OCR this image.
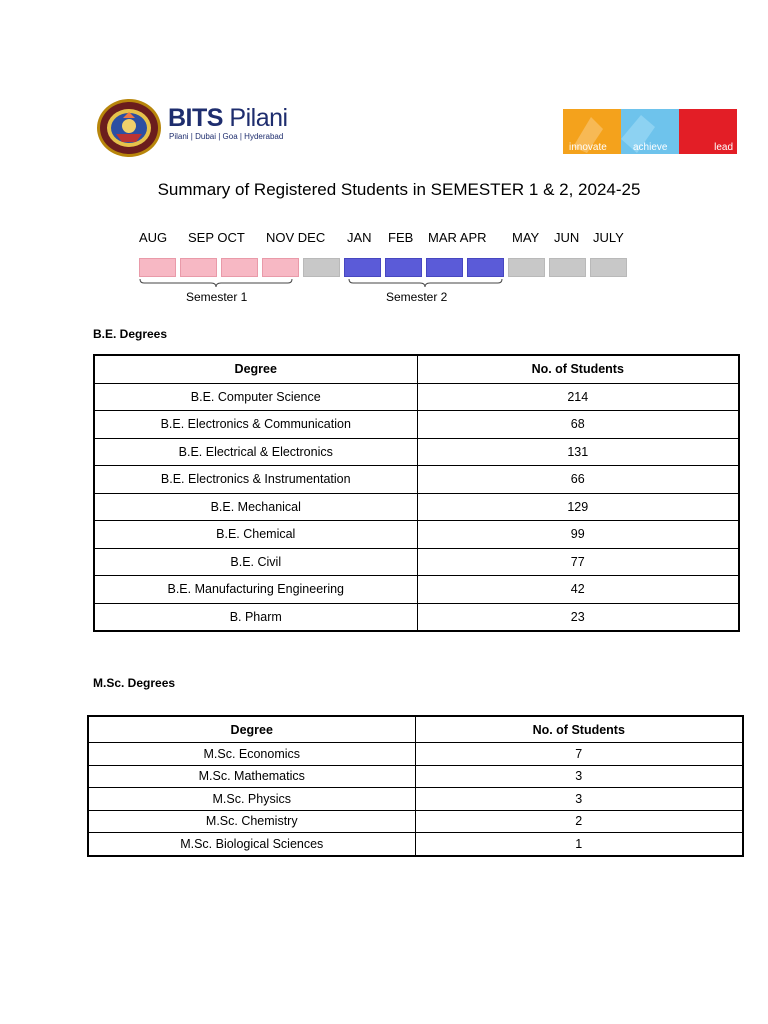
BITS Pilani
Pilani | Dubai | Goa | Hyderabad
innovate	achieve	lead
Summary of Registered Students in SEMESTER 1 & 2, 2024-25
AUG SEP OCT NOV DEC JAN FEB MAR APR MAY JUN JULY
Semester 1	Semester 2
B.E. Degrees
Degree	No. of Students
B.E. Computer Science	214
B.E. Electronics & Communication	68
B.E. Electrical & Electronics	131
B.E. Electronics & Instrumentation	66
B.E. Mechanical	129
B.E. Chemical	99
B.E. Civil	77
B.E. Manufacturing Engineering	42
B. Pharm	23
M.Sc. Degrees
Degree	No. of Students
M.Sc. Economics	7
M.Sc. Mathematics	3
M.Sc. Physics	3
M.Sc. Chemistry	2
M.Sc. Biological Sciences	1
